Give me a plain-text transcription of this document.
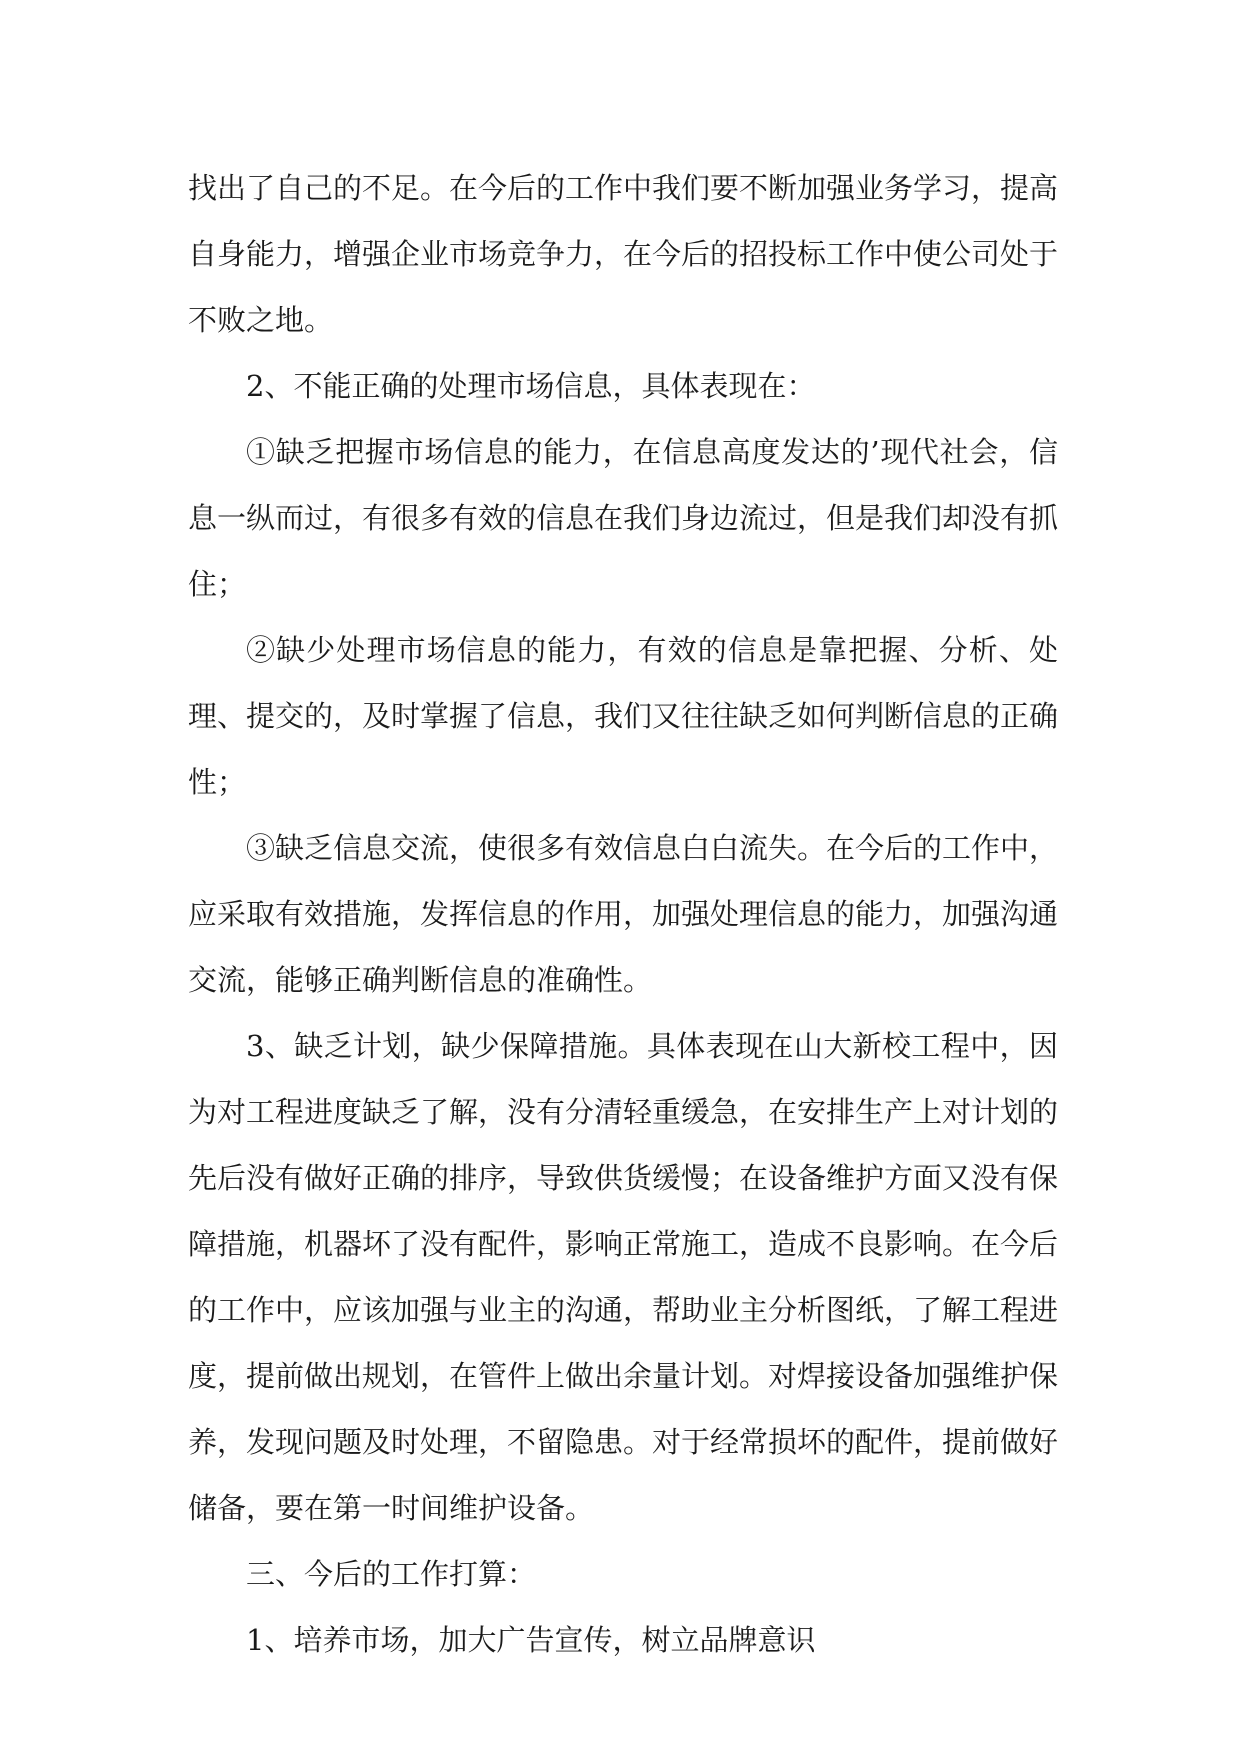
找出了自己的不足。在今后的工作中我们要不断加强业务学习，提高自身能力，增强企业市场竞争力，在今后的招投标工作中使公司处于不败之地。

2、不能正确的处理市场信息，具体表现在：

①缺乏把握市场信息的能力，在信息高度发达的’现代社会，信息一纵而过，有很多有效的信息在我们身边流过，但是我们却没有抓住；

②缺少处理市场信息的能力，有效的信息是靠把握、分析、处理、提交的，及时掌握了信息，我们又往往缺乏如何判断信息的正确性；

③缺乏信息交流，使很多有效信息白白流失。在今后的工作中，应采取有效措施，发挥信息的作用，加强处理信息的能力，加强沟通交流，能够正确判断信息的准确性。

3、缺乏计划，缺少保障措施。具体表现在山大新校工程中，因为对工程进度缺乏了解，没有分清轻重缓急，在安排生产上对计划的先后没有做好正确的排序，导致供货缓慢；在设备维护方面又没有保障措施，机器坏了没有配件，影响正常施工，造成不良影响。在今后的工作中，应该加强与业主的沟通，帮助业主分析图纸，了解工程进度，提前做出规划，在管件上做出余量计划。对焊接设备加强维护保养，发现问题及时处理，不留隐患。对于经常损坏的配件，提前做好储备，要在第一时间维护设备。

三、今后的工作打算：

1、培养市场，加大广告宣传，树立品牌意识
